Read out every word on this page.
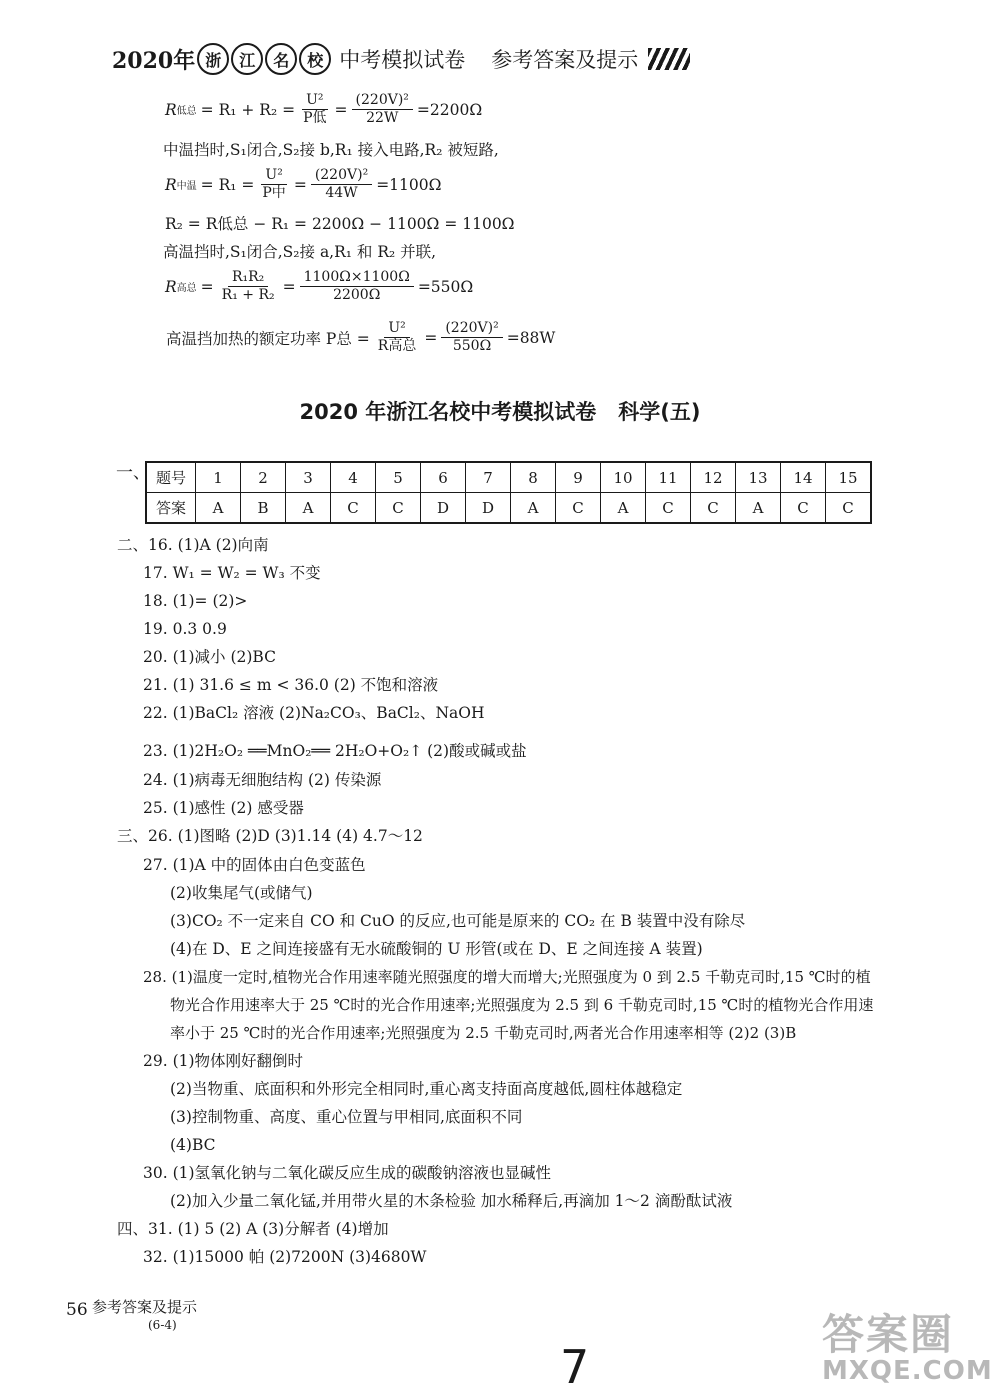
2020年 浙	江	名	校 中考模拟试卷 参考答案及提示
R 低总 = $R_1 + R_2 = \frac{\text{U²}}{\text{P低}} = \frac{\text{(220V)²}}{22W} =2200\Omega$
中温挡时,S₁闭合,S₂接 b,R₁ 接入电路,R₂ 被短路,
R 中温 = $R_1 = \frac{\text{U²}}{\text{P中}} = \frac{\text{(220V)²}}{44W} =1100\Omega$
R₂ = R低总 − R₁ = 2200Ω − 1100Ω = 1100Ω
高温挡时,S₁闭合,S₂接 a,R₁ 和 R₂ 并联,
R 高总 = $\frac{\text{R₁R₂}}{\text{R₁ + R₂}} = \frac{1100\Omega\times 1100\Omega}{2200\Omega} =550\Omega$
高温挡加热的额定功率 P总 = $\frac{\text{U²}}{\text{R高总}} = \frac{\text{(220V)²}}{550\Omega} =88W$
2020 年浙江名校中考模拟试卷 科学(五)
一、 题号	1	2	3	4	5	6	7	8	9	10	11	12	13	14	15
答案	A	B	A	C	C	D	D	A	C	A	C	C	A	C	C
二、16. (1)A (2)向南
17. W₁ = W₂ = W₃ 不变
18. (1)= (2)>
19. 0.3 0.9
20. (1)减小 (2)BC
21. (1) 31.6 ≤ m < 36.0 (2) 不饱和溶液
22. (1)BaCl₂ 溶液 (2)Na₂CO₃、BaCl₂、NaOH
23. (1)2H₂O₂ ══MnO₂══ 2H₂O+O₂↑ (2)酸或碱或盐
24. (1)病毒无细胞结构 (2) 传染源
25. (1)感性 (2) 感受器
三、26. (1)图略 (2)D (3)1.14 (4) 4.7～12
27. (1)A 中的固体由白色变蓝色
(2)收集尾气(或储气)
(3)CO₂ 不一定来自 CO 和 CuO 的反应,也可能是原来的 CO₂ 在 B 装置中没有除尽
(4)在 D、E 之间连接盛有无水硫酸铜的 U 形管(或在 D、E 之间连接 A 装置)
28. (1)温度一定时,植物光合作用速率随光照强度的增大而增大;光照强度为 0 到 2.5 千勒克司时,15 ℃时的植
物光合作用速率大于 25 ℃时的光合作用速率;光照强度为 2.5 到 6 千勒克司时,15 ℃时的植物光合作用速
率小于 25 ℃时的光合作用速率;光照强度为 2.5 千勒克司时,两者光合作用速率相等 (2)2 (3)B
29. (1)物体刚好翻倒时
(2)当物重、底面积和外形完全相同时,重心离支持面高度越低,圆柱体越稳定
(3)控制物重、高度、重心位置与甲相同,底面积不同
(4)BC
30. (1)氢氧化钠与二氧化碳反应生成的碳酸钠溶液也显碱性
(2)加入少量二氧化锰,并用带火星的木条检验 加水稀释后,再滴加 1～2 滴酚酞试液
四、31. (1) 5 (2) A (3)分解者 (4)增加
32. (1)15000 帕 (2)7200N (3)4680W
56 参考答案及提示
(6-4)
7
答案圈
MXQE.COM
